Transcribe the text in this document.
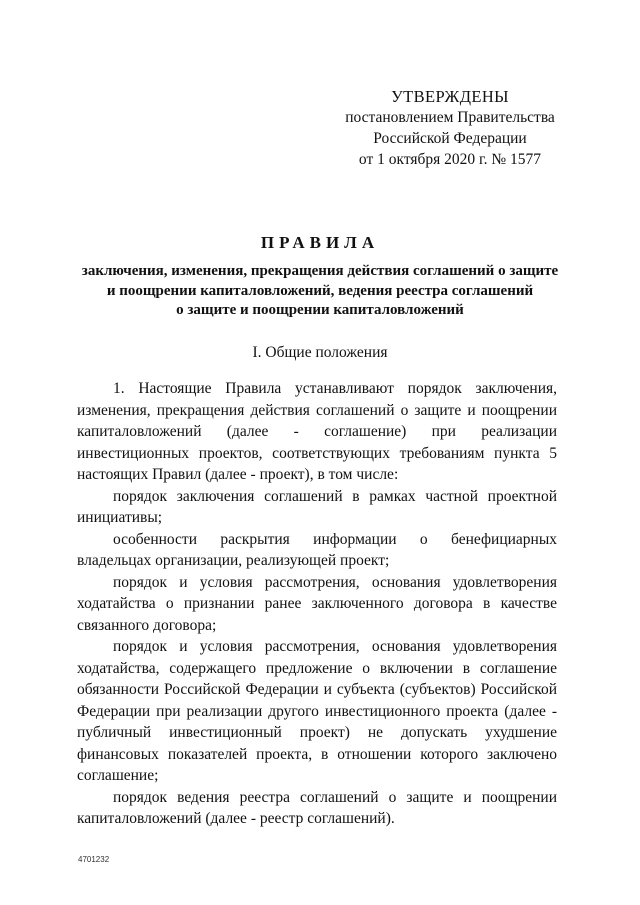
УТВЕРЖДЕНЫ
постановлением Правительства
Российской Федерации
от 1 октября 2020 г. № 1577
ПРАВИЛА
заключения, изменения, прекращения действия соглашений о защите
и поощрении капиталовложений, ведения реестра соглашений
о защите и поощрении капиталовложений
I. Общие положения

1. Настоящие Правила устанавливают порядок заключения, изменения, прекращения действия соглашений о защите и поощрении капиталовложений (далее - соглашение) при реализации инвестиционных проектов, соответствующих требованиям пункта 5 настоящих Правил (далее - проект), в том числе:

порядок заключения соглашений в рамках частной проектной инициативы;

особенности раскрытия информации о бенефициарных владельцах организации, реализующей проект;

порядок и условия рассмотрения, основания удовлетворения ходатайства о признании ранее заключенного договора в качестве связанного договора;

порядок и условия рассмотрения, основания удовлетворения ходатайства, содержащего предложение о включении в соглашение обязанности Российской Федерации и субъекта (субъектов) Российской Федерации при реализации другого инвестиционного проекта (далее - публичный инвестиционный проект) не допускать ухудшение финансовых показателей проекта, в отношении которого заключено соглашение;

порядок ведения реестра соглашений о защите и поощрении капиталовложений (далее - реестр соглашений).

4701232
